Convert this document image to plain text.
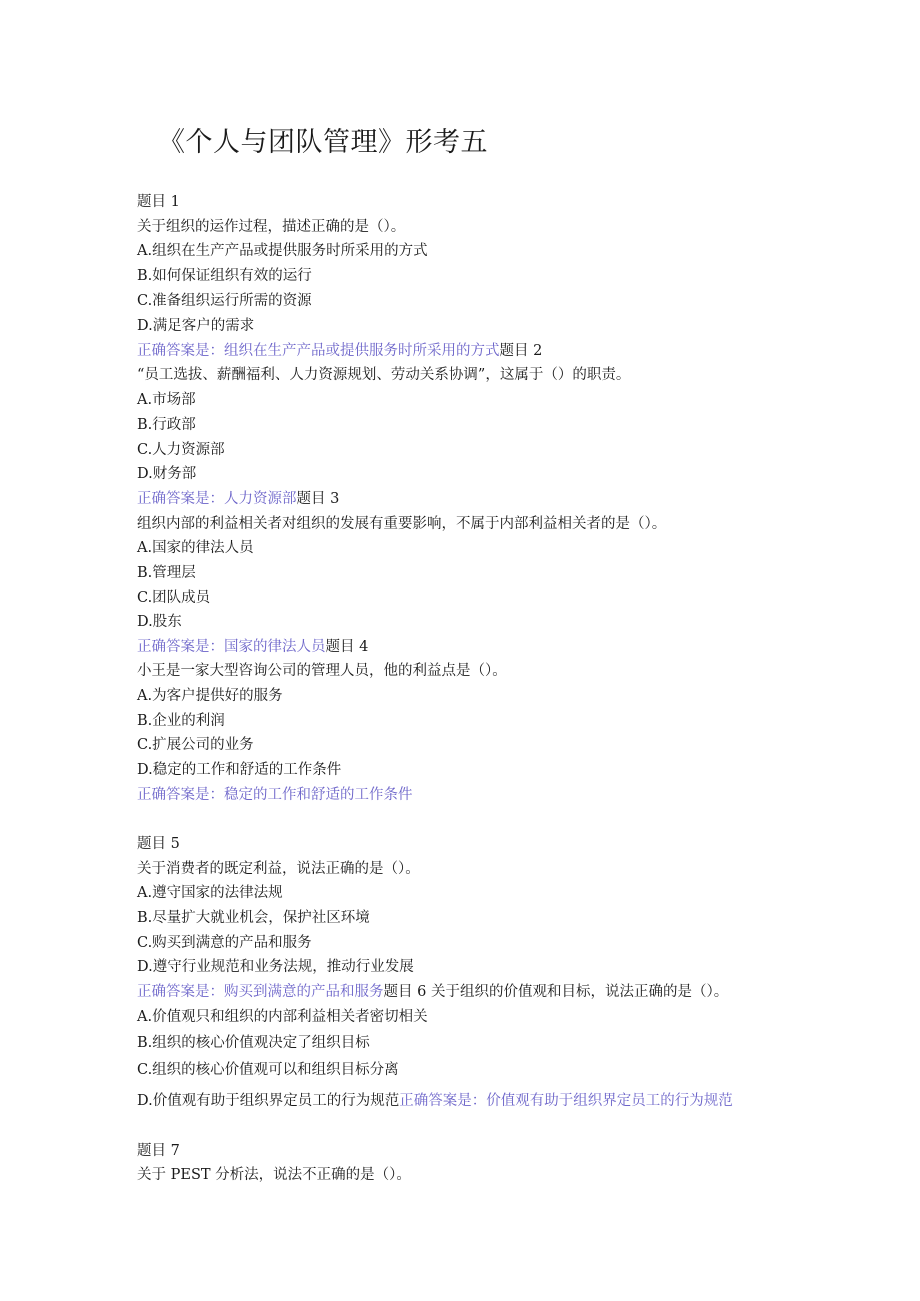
《个人与团队管理》形考五
题目 1
关于组织的运作过程，描述正确的是（）。
A.组织在生产产品或提供服务时所采用的方式
B.如何保证组织有效的运行
C.准备组织运行所需的资源
D.满足客户的需求
正确答案是：组织在生产产品或提供服务时所采用的方式题目 2
“员工选拔、薪酬福利、人力资源规划、劳动关系协调”，这属于（）的职责。
A.市场部
B.行政部
C.人力资源部
D.财务部
正确答案是：人力资源部题目 3
组织内部的利益相关者对组织的发展有重要影响，不属于内部利益相关者的是（）。
A.国家的律法人员
B.管理层
C.团队成员
D.股东
正确答案是：国家的律法人员题目 4
小王是一家大型咨询公司的管理人员，他的利益点是（）。
A.为客户提供好的服务
B.企业的利润
C.扩展公司的业务
D.稳定的工作和舒适的工作条件
正确答案是：稳定的工作和舒适的工作条件
题目 5
关于消费者的既定利益，说法正确的是（）。
A.遵守国家的法律法规
B.尽量扩大就业机会，保护社区环境
C.购买到满意的产品和服务
D.遵守行业规范和业务法规，推动行业发展
正确答案是：购买到满意的产品和服务题目 6 关于组织的价值观和目标，说法正确的是（）。
A.价值观只和组织的内部利益相关者密切相关
B.组织的核心价值观决定了组织目标
C.组织的核心价值观可以和组织目标分离
D.价值观有助于组织界定员工的行为规范正确答案是：价值观有助于组织界定员工的行为规范
题目 7
关于 PEST 分析法，说法不正确的是（）。
